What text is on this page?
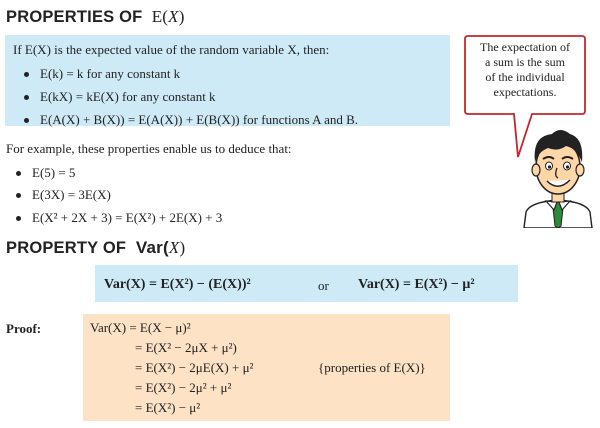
PROPERTIES OF E(X)
If E(X) is the expected value of the random variable X, then:
E(k) = k for any constant k
E(kX) = kE(X) for any constant k
E(A(X) + B(X)) = E(A(X)) + E(B(X)) for functions A and B.
The expectation of
a sum is the sum
of the individual
expectations.
For example, these properties enable us to deduce that:
E(5) = 5
E(3X) = 3E(X)
E(X² + 2X + 3) = E(X²) + 2E(X) + 3
PROPERTY OF Var(X)
Var(X) = E(X²) − (E(X))²	or Var(X) = E(X²) − μ²
Proof:	Var(X) = E(X − μ)²
= E(X² − 2μX + μ²)
= E(X²) − 2μE(X) + μ²	{properties of E(X)}
= E(X²) − 2μ² + μ²
= E(X²) − μ²
